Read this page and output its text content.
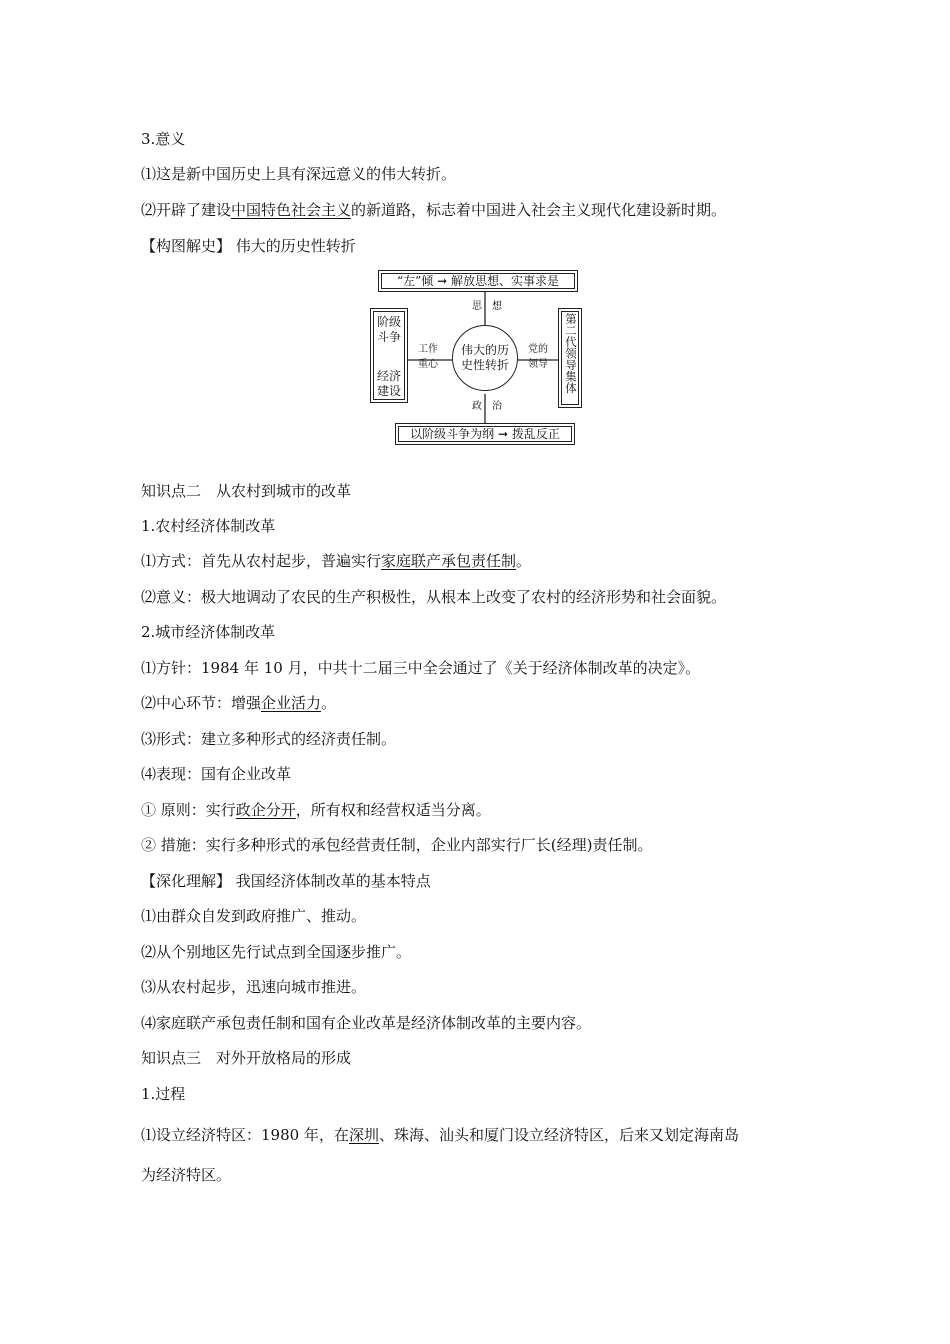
3.意义
⑴这是新中国历史上具有深远意义的伟大转折。
⑵开辟了建设中国特色社会主义的新道路，标志着中国进入社会主义现代化建设新时期。
【构图解史】 伟大的历史性转折
“左”倾 ➞ 解放思想、实事求是
思　想
阶级
斗争
经济
建设
工作
重心
伟大的历
史性转折
党的
领导	第二代领导集体
政　治
以阶级斗争为纲 ➞ 拨乱反正
知识点二　从农村到城市的改革
1.农村经济体制改革
⑴方式：首先从农村起步，普遍实行家庭联产承包责任制。
⑵意义：极大地调动了农民的生产积极性，从根本上改变了农村的经济形势和社会面貌。
2.城市经济体制改革
⑴方针：1984 年 10 月，中共十二届三中全会通过了《关于经济体制改革的决定》。
⑵中心环节：增强企业活力。
⑶形式：建立多种形式的经济责任制。
⑷表现：国有企业改革
① 原则：实行政企分开，所有权和经营权适当分离。
② 措施：实行多种形式的承包经营责任制，企业内部实行厂长(经理)责任制。
【深化理解】 我国经济体制改革的基本特点
⑴由群众自发到政府推广、推动。
⑵从个别地区先行试点到全国逐步推广。
⑶从农村起步，迅速向城市推进。
⑷家庭联产承包责任制和国有企业改革是经济体制改革的主要内容。
知识点三　对外开放格局的形成
1.过程
⑴设立经济特区：1980 年，在深圳、珠海、汕头和厦门设立经济特区，后来又划定海南岛
为经济特区。
